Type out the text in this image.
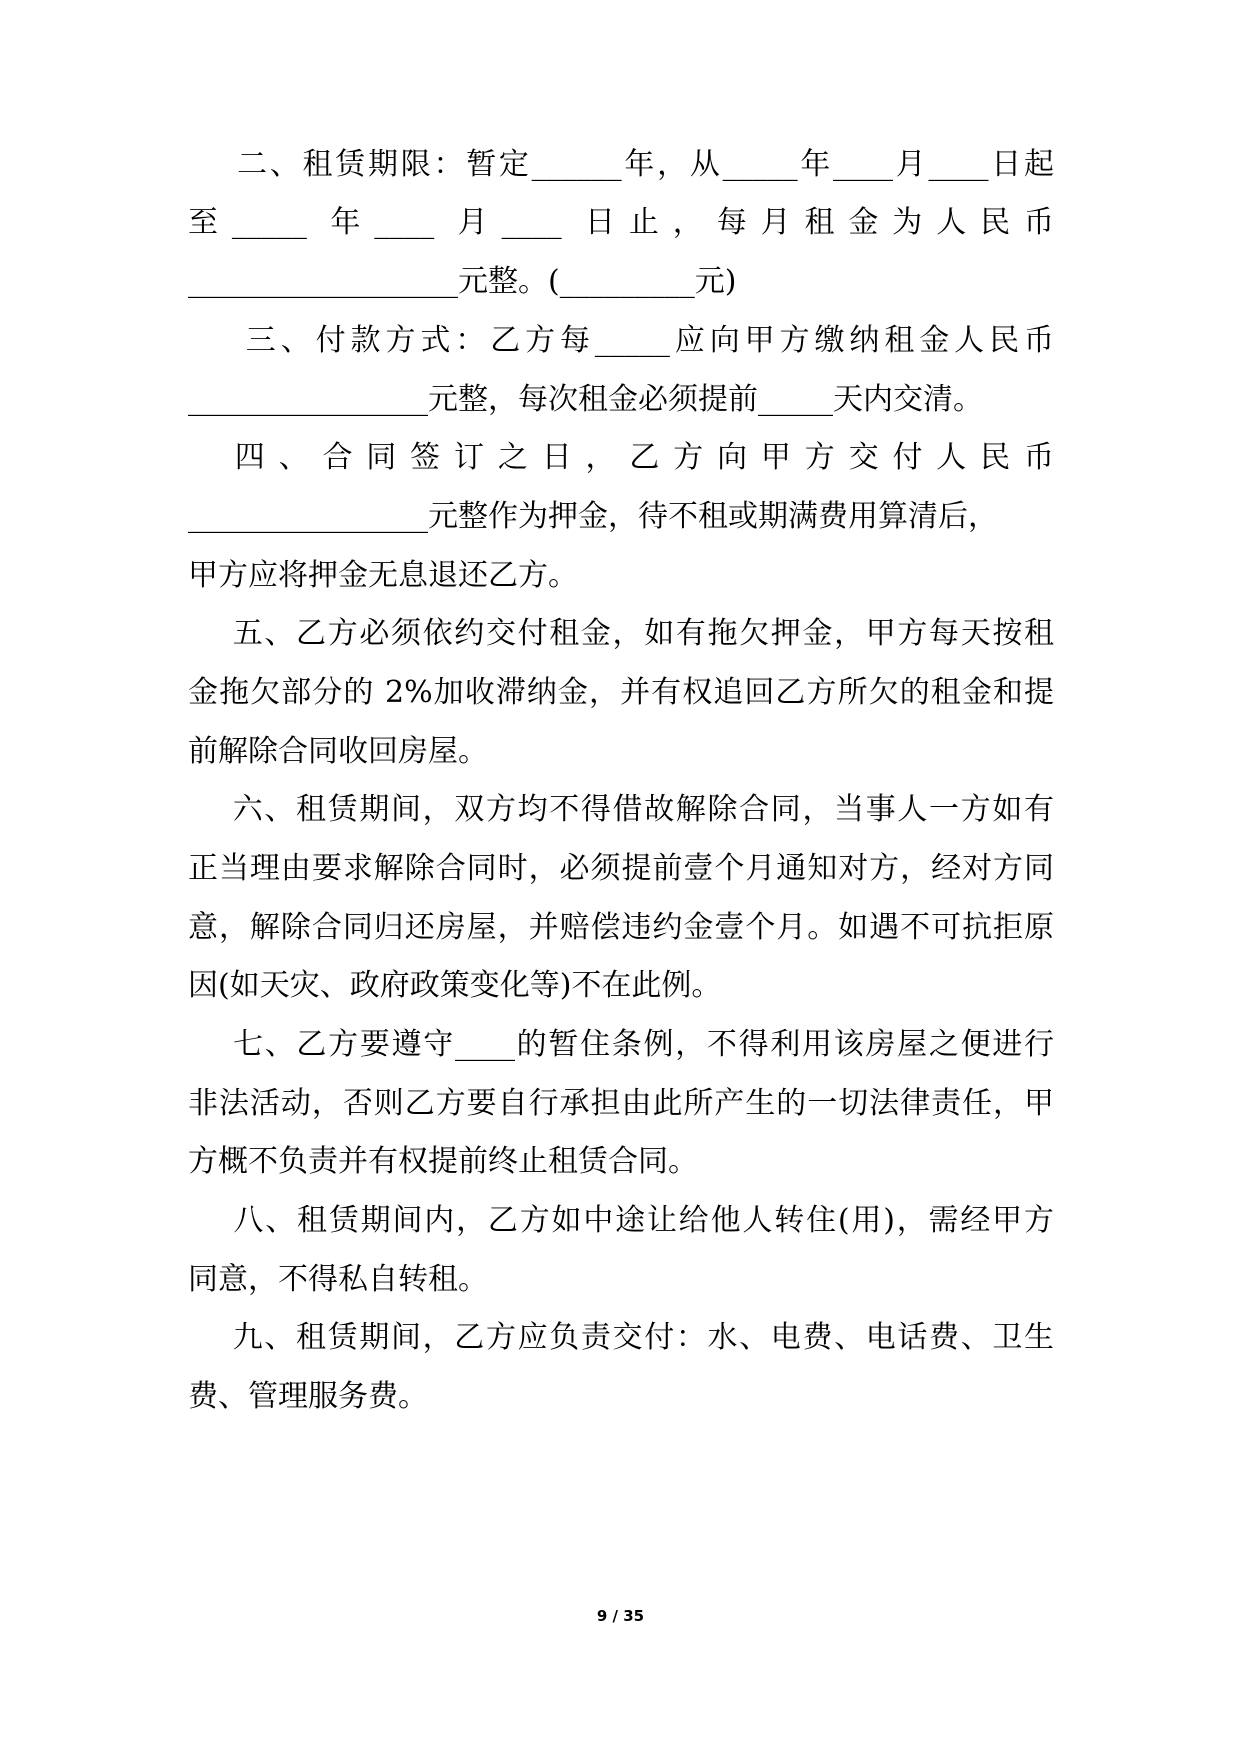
二、租赁期限：暂定______年，从_____年____月____日起
至 _____  年 ____  月 ____  日 止 ， 每 月 租 金 为 人 民 币
__________________元整。(_________元)
三、付款方式：乙方每_____应向甲方缴纳租金人民币
________________元整，每次租金必须提前_____天内交清。
四 、 合 同 签 订 之 日 ， 乙 方 向 甲 方 交 付 人 民 币
________________元整作为押金，待不租或期满费用算清后，
甲方应将押金无息退还乙方。
五、乙方必须依约交付租金，如有拖欠押金，甲方每天按租
金拖欠部分的 2%加收滞纳金，并有权追回乙方所欠的租金和提
前解除合同收回房屋。
六、租赁期间，双方均不得借故解除合同，当事人一方如有
正当理由要求解除合同时，必须提前壹个月通知对方，经对方同
意，解除合同归还房屋，并赔偿违约金壹个月。如遇不可抗拒原
因(如天灾、政府政策变化等)不在此例。
七、乙方要遵守____的暂住条例，不得利用该房屋之便进行
非法活动，否则乙方要自行承担由此所产生的一切法律责任，甲
方概不负责并有权提前终止租赁合同。
八、租赁期间内，乙方如中途让给他人转住(用)，需经甲方
同意，不得私自转租。
九、租赁期间，乙方应负责交付：水、电费、电话费、卫生
费、管理服务费。
9 / 35
